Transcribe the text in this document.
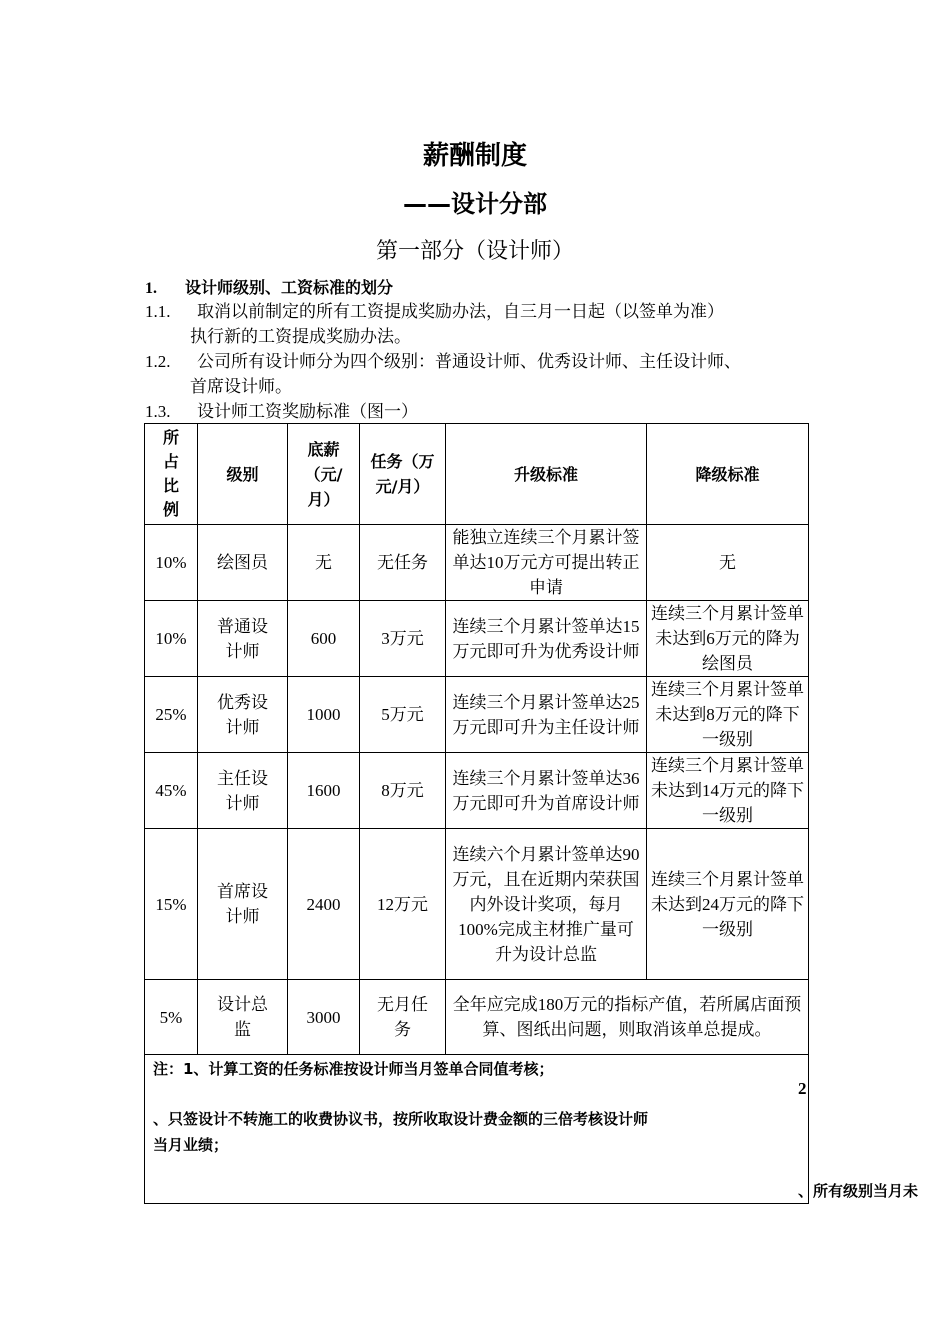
薪酬制度
——设计分部
第一部分（设计师）
1. 设计师级别、工资标准的划分
1.1. 取消以前制定的所有工资提成奖励办法，自三月一日起（以签单为准）
执行新的工资提成奖励办法。
1.2. 公司所有设计师分为四个级别：普通设计师、优秀设计师、主任设计师、
首席设计师。
1.3. 设计师工资奖励标准（图一）
所占比例	级别	底薪（元/月）	任务（万元/月）	升级标准	降级标准
10%	绘图员	无	无任务	能独立连续三个月累计签单达10万元方可提出转正申请	无
10%	普通设计师	600	3万元	连续三个月累计签单达15万元即可升为优秀设计师	连续三个月累计签单未达到6万元的降为绘图员
25%	优秀设计师	1000	5万元	连续三个月累计签单达25万元即可升为主任设计师	连续三个月累计签单未达到8万元的降下一级别
45%	主任设计师	1600	8万元	连续三个月累计签单达36万元即可升为首席设计师	连续三个月累计签单未达到14万元的降下一级别
15%	首席设计师	2400	12万元	连续六个月累计签单达90万元，且在近期内荣获国内外设计奖项，每月100%完成主材推广量可升为设计总监	连续三个月累计签单未达到24万元的降下一级别
5%	设计总监	3000	无月任务	全年应完成180万元的指标产值，若所属店面预算、图纸出问题，则取消该单总提成。	

注：1、计算工资的任务标准按设计师当月签单合同值考核；
、只签设计不转施工的收费协议书，按所收取设计费金额的三倍考核设计师
当月业绩；					
2
、所有级别当月未
